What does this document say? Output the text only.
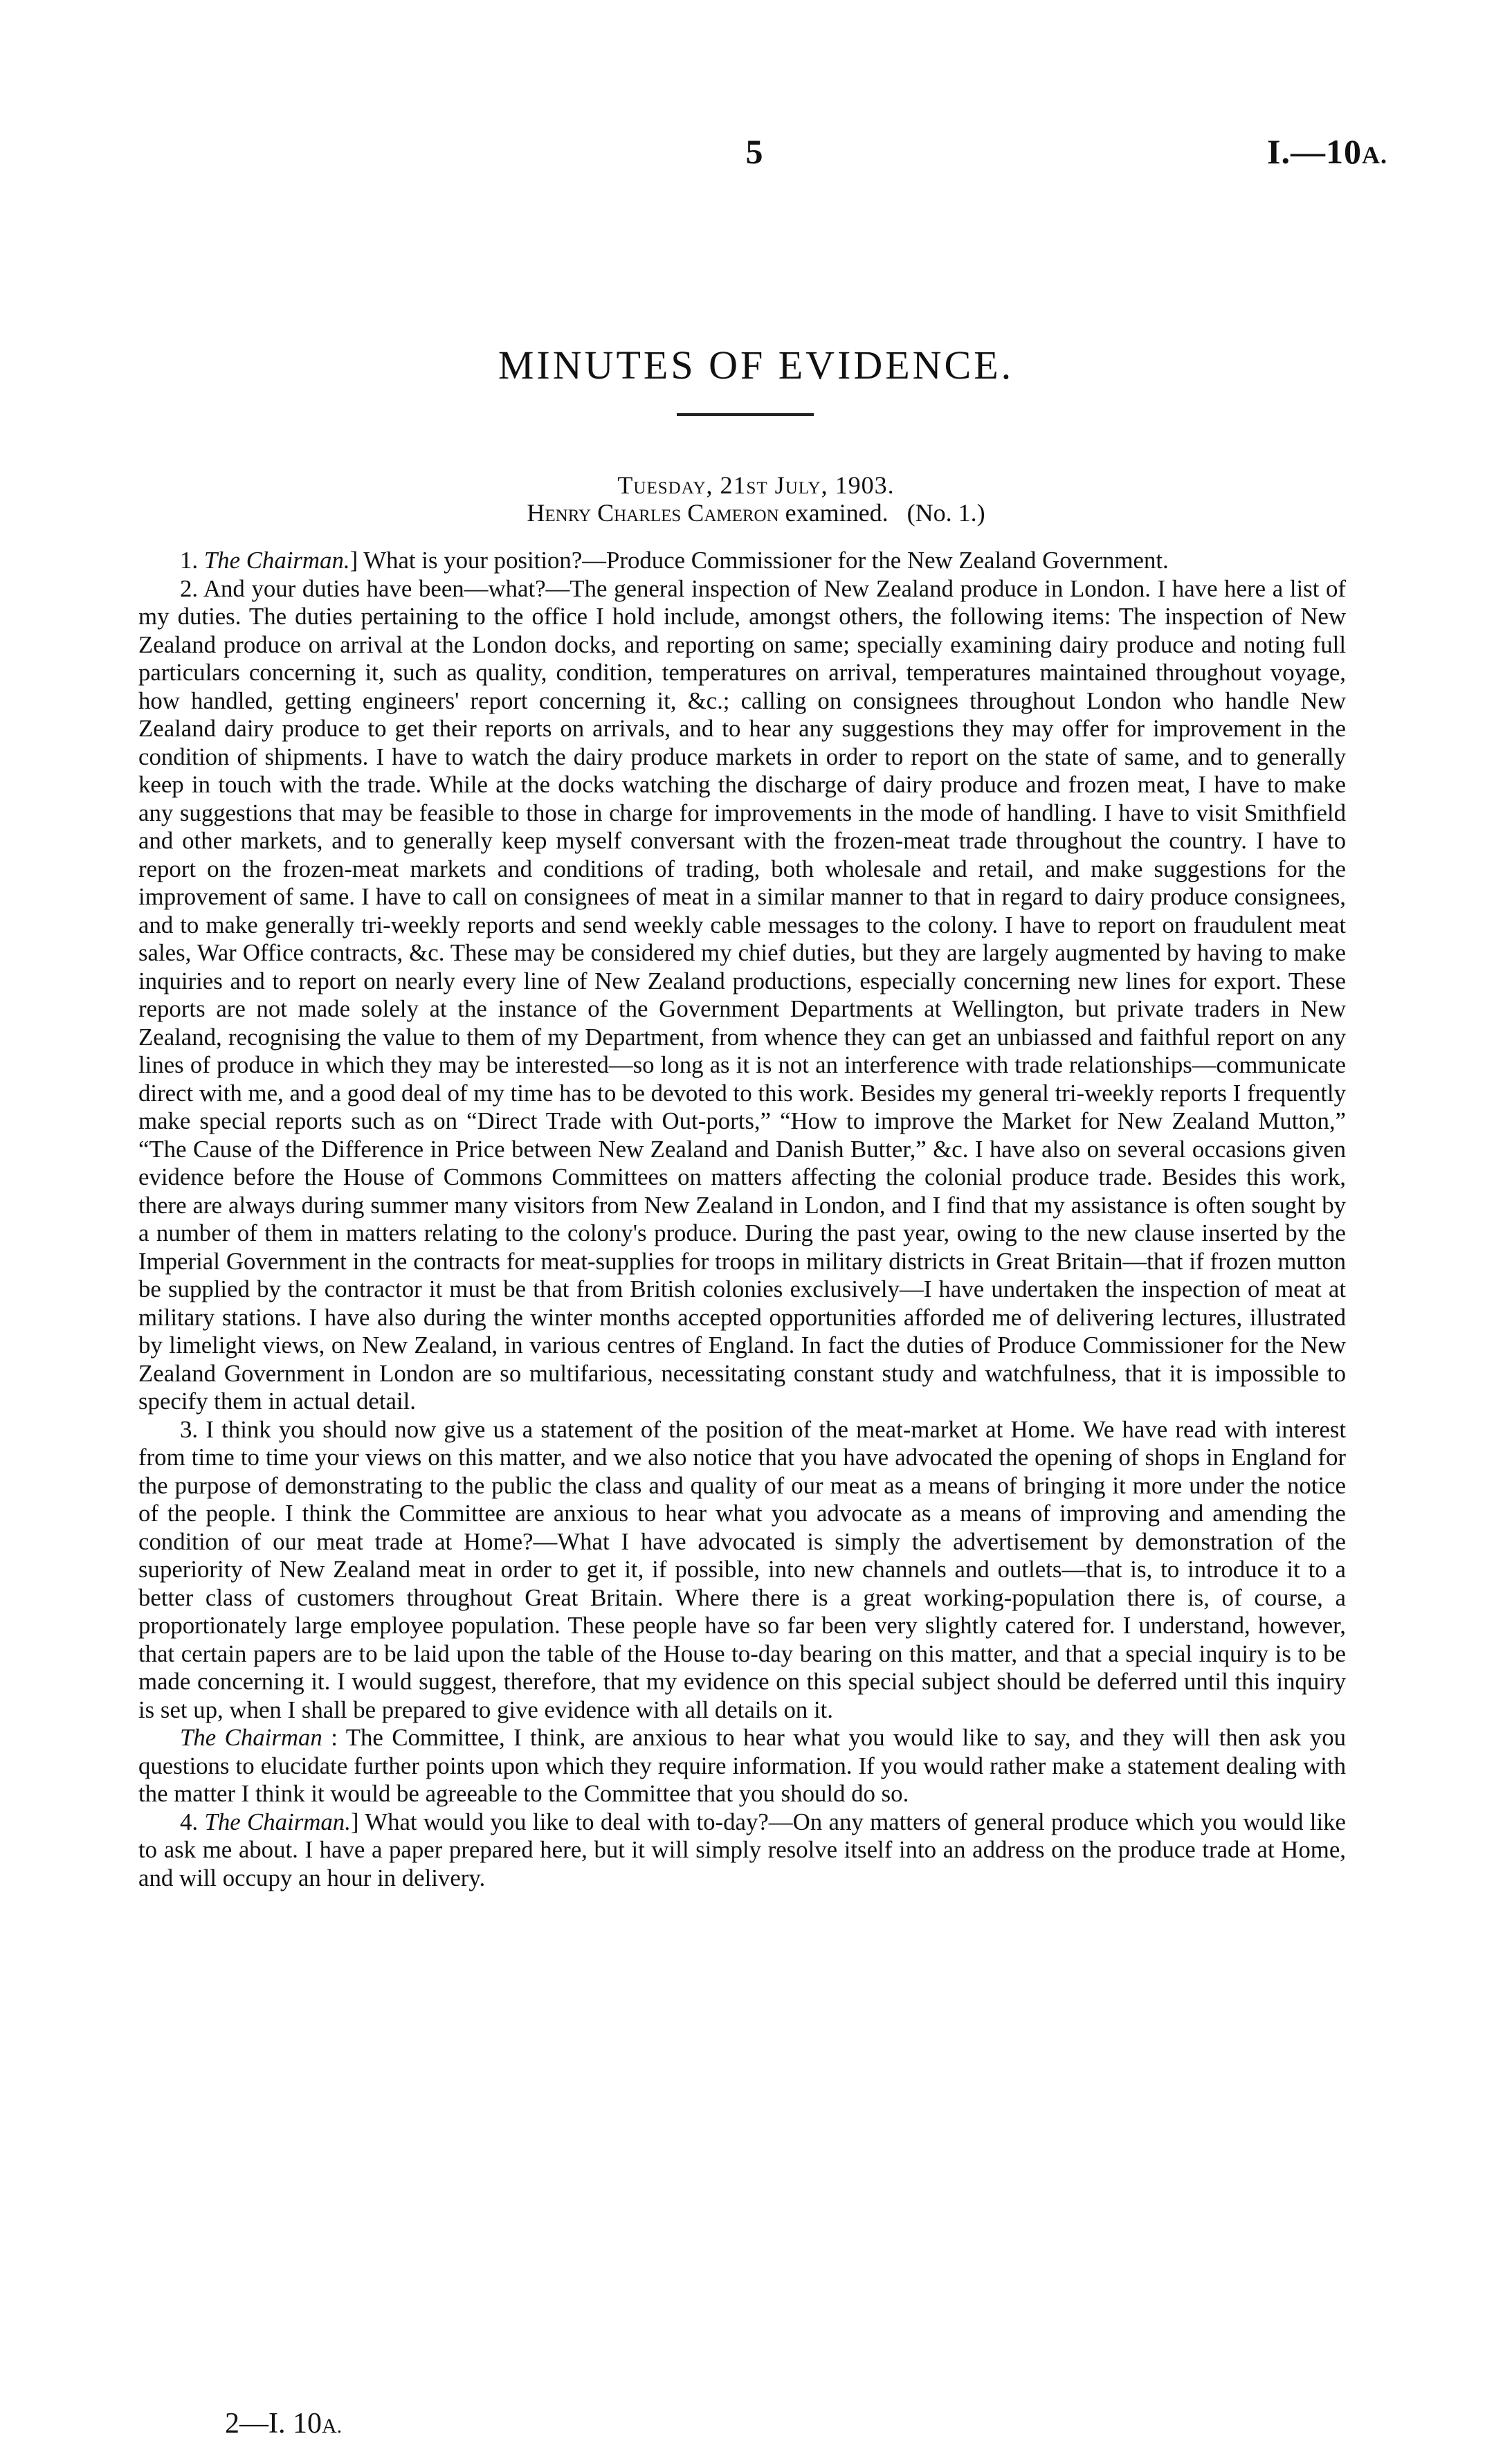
5	I.—10A.
MINUTES OF EVIDENCE.
Tuesday, 21st July, 1903.
Henry Charles Cameron examined. (No. 1.)

1. The Chairman.] What is your position?—Produce Commissioner for the New Zealand Government.

2. And your duties have been—what?—The general inspection of New Zealand produce in London. I have here a list of my duties. The duties pertaining to the office I hold include, amongst others, the following items: The inspection of New Zealand produce on arrival at the London docks, and reporting on same; specially examining dairy produce and noting full particulars concerning it, such as quality, condition, temperatures on arrival, temperatures maintained throughout voyage, how handled, getting engineers' report concerning it, &c.; calling on consignees throughout London who handle New Zealand dairy produce to get their reports on arrivals, and to hear any suggestions they may offer for improvement in the condition of shipments. I have to watch the dairy produce markets in order to report on the state of same, and to generally keep in touch with the trade. While at the docks watching the discharge of dairy produce and frozen meat, I have to make any suggestions that may be feasible to those in charge for improvements in the mode of handling. I have to visit Smithfield and other markets, and to generally keep myself conversant with the frozen-meat trade throughout the country. I have to report on the frozen-meat markets and conditions of trading, both wholesale and retail, and make suggestions for the improvement of same. I have to call on consignees of meat in a similar manner to that in regard to dairy produce consignees, and to make generally tri-weekly reports and send weekly cable messages to the colony. I have to report on fraudulent meat sales, War Office contracts, &c. These may be considered my chief duties, but they are largely augmented by having to make inquiries and to report on nearly every line of New Zealand productions, especially concerning new lines for export. These reports are not made solely at the instance of the Government Departments at Wellington, but private traders in New Zealand, recognising the value to them of my Department, from whence they can get an unbiassed and faithful report on any lines of produce in which they may be interested—so long as it is not an interference with trade relationships—communicate direct with me, and a good deal of my time has to be devoted to this work. Besides my general tri-weekly reports I frequently make special reports such as on “Direct Trade with Out-ports,” “How to improve the Market for New Zealand Mutton,” “The Cause of the Difference in Price between New Zealand and Danish Butter,” &c. I have also on several occasions given evidence before the House of Commons Committees on matters affecting the colonial produce trade. Besides this work, there are always during summer many visitors from New Zealand in London, and I find that my assistance is often sought by a number of them in matters relating to the colony's produce. During the past year, owing to the new clause inserted by the Imperial Government in the contracts for meat-supplies for troops in military districts in Great Britain—that if frozen mutton be supplied by the contractor it must be that from British colonies exclusively—I have undertaken the inspection of meat at military stations. I have also during the winter months accepted opportunities afforded me of delivering lectures, illustrated by limelight views, on New Zealand, in various centres of England. In fact the duties of Produce Commissioner for the New Zealand Government in London are so multifarious, necessitating constant study and watchfulness, that it is impossible to specify them in actual detail.

3. I think you should now give us a statement of the position of the meat-market at Home. We have read with interest from time to time your views on this matter, and we also notice that you have advocated the opening of shops in England for the purpose of demonstrating to the public the class and quality of our meat as a means of bringing it more under the notice of the people. I think the Committee are anxious to hear what you advocate as a means of improving and amending the condition of our meat trade at Home?—What I have advocated is simply the advertisement by demonstration of the superiority of New Zealand meat in order to get it, if possible, into new channels and outlets—that is, to introduce it to a better class of customers throughout Great Britain. Where there is a great working-population there is, of course, a proportionately large employee population. These people have so far been very slightly catered for. I understand, however, that certain papers are to be laid upon the table of the House to-day bearing on this matter, and that a special inquiry is to be made concerning it. I would suggest, therefore, that my evidence on this special subject should be deferred until this inquiry is set up, when I shall be prepared to give evidence with all details on it.

The Chairman : The Committee, I think, are anxious to hear what you would like to say, and they will then ask you questions to elucidate further points upon which they require information. If you would rather make a statement dealing with the matter I think it would be agreeable to the Committee that you should do so.

4. The Chairman.] What would you like to deal with to-day?—On any matters of general produce which you would like to ask me about. I have a paper prepared here, but it will simply resolve itself into an address on the produce trade at Home, and will occupy an hour in delivery.

2—I. 10A.
